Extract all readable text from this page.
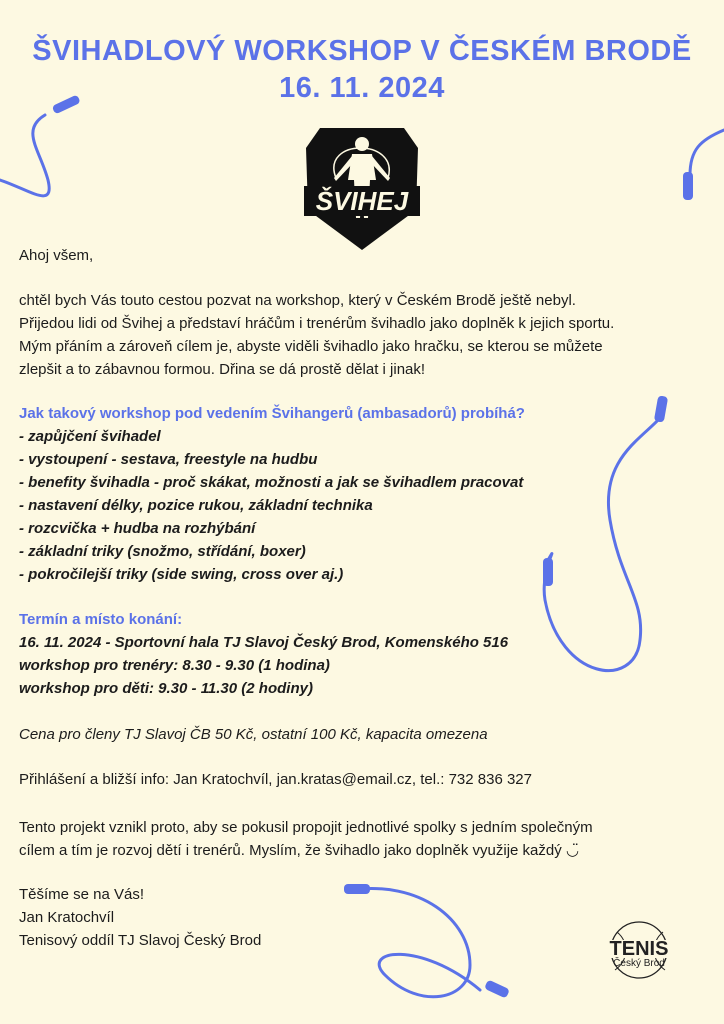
ŠVIHADLOVÝ WORKSHOP V ČESKÉM BRODĚ
16. 11. 2024
ŠVIHEJ

Ahoj všem,

chtěl bych Vás touto cestou pozvat na workshop, který v Českém Brodě ještě nebyl.
Přijedou lidi od Švihej a představí hráčům i trenérům švihadlo jako doplněk k jejich sportu.
Mým přáním a zároveň cílem je, abyste viděli švihadlo jako hračku, se kterou se můžete
zlepšit a to zábavnou formou. Dřina se dá prostě dělat i jinak!
Jak takový workshop pod vedením Švihangerů (ambasadorů) probíhá?
- zapůjčení švihadel
- vystoupení - sestava, freestyle na hudbu
- benefity švihadla - proč skákat, možnosti a jak se švihadlem pracovat
- nastavení délky, pozice rukou, základní technika
- rozcvička + hudba na rozhýbání
- základní triky (snožmo, střídání, boxer)
- pokročilejší triky (side swing, cross over aj.)
Termín a místo konání:
16. 11. 2024 - Sportovní hala TJ Slavoj Český Brod, Komenského 516
workshop pro trenéry: 8.30 - 9.30 (1 hodina)
workshop pro děti: 9.30 - 11.30 (2 hodiny)

Cena pro členy TJ Slavoj ČB 50 Kč, ostatní 100 Kč, kapacita omezena

Přihlášení a bližší info: Jan Kratochvíl, jan.kratas@email.cz, tel.: 732 836 327

Tento projekt vznikl proto, aby se pokusil propojit jednotlivé spolky s jedním společným
cílem a tím je rozvoj dětí i trenérů. Myslím, že švihadlo jako doplněk využije každý ◡̈
Těšíme se na Vás!
Jan Kratochvíl
Tenisový oddíl TJ Slavoj Český Brod	TENIS
Český Brod
